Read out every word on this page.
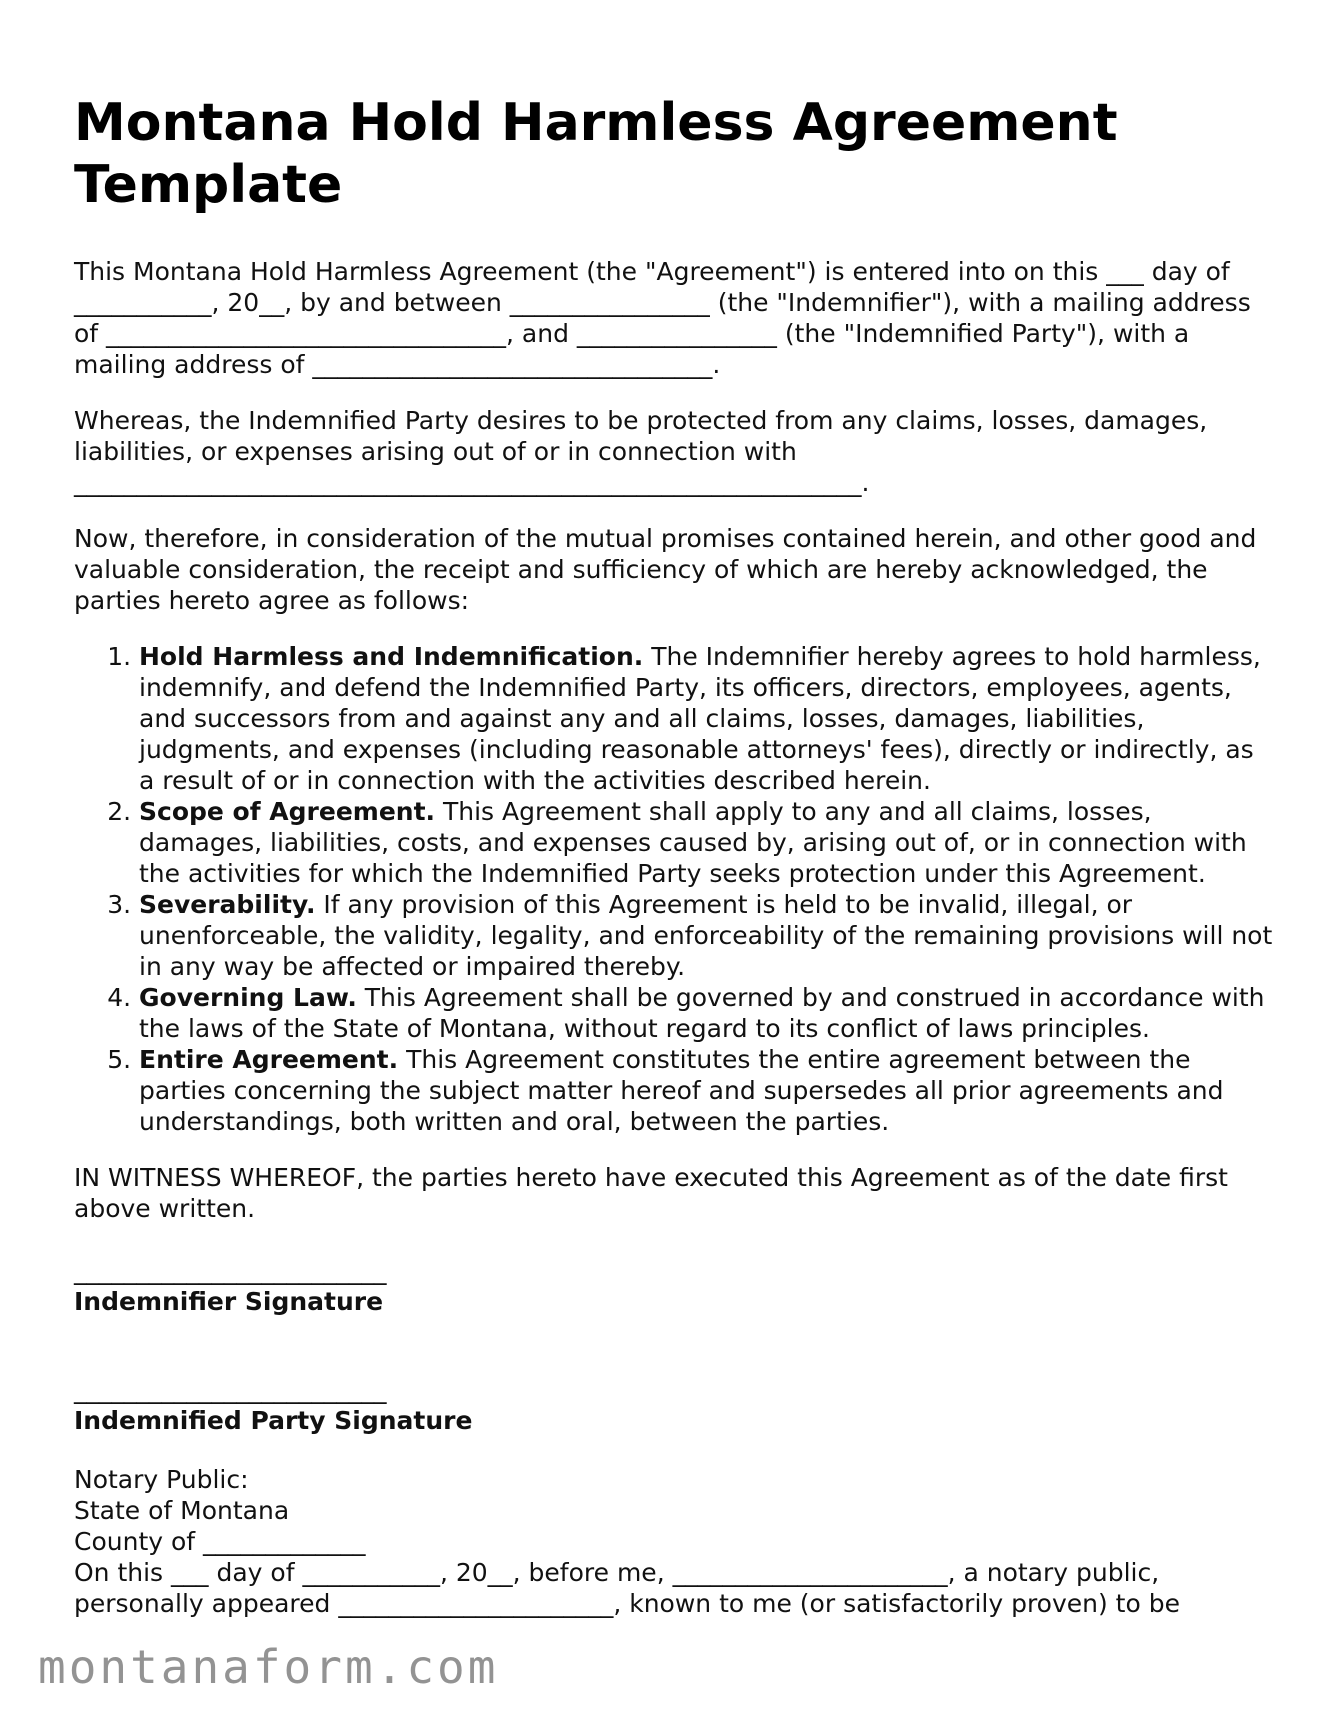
Montana Hold Harmless Agreement Template

This Montana Hold Harmless Agreement (the "Agreement") is entered into on this ___ day of ___________, 20__, by and between ________________ (the "Indemnifier"), with a mailing address of ________________________________, and ________________ (the "Indemnified Party"), with a mailing address of ________________________________.

Whereas, the Indemnified Party desires to be protected from any claims, losses, damages, liabilities, or expenses arising out of or in connection with _______________________________________________________________.

Now, therefore, in consideration of the mutual promises contained herein, and other good and valuable consideration, the receipt and sufficiency of which are hereby acknowledged, the parties hereto agree as follows:

1. Hold Harmless and Indemnification. The Indemnifier hereby agrees to hold harmless, indemnify, and defend the Indemnified Party, its officers, directors, employees, agents, and successors from and against any and all claims, losses, damages, liabilities, judgments, and expenses (including reasonable attorneys' fees), directly or indirectly, as a result of or in connection with the activities described herein.
2. Scope of Agreement. This Agreement shall apply to any and all claims, losses, damages, liabilities, costs, and expenses caused by, arising out of, or in connection with the activities for which the Indemnified Party seeks protection under this Agreement.
3. Severability. If any provision of this Agreement is held to be invalid, illegal, or unenforceable, the validity, legality, and enforceability of the remaining provisions will not in any way be affected or impaired thereby.
4. Governing Law. This Agreement shall be governed by and construed in accordance with the laws of the State of Montana, without regard to its conflict of laws principles.
5. Entire Agreement. This Agreement constitutes the entire agreement between the parties concerning the subject matter hereof and supersedes all prior agreements and understandings, both written and oral, between the parties.

IN WITNESS WHEREOF, the parties hereto have executed this Agreement as of the date first above written.

_________________________
Indemnifier Signature
_________________________
Indemnified Party Signature
Notary Public:
State of Montana
County of _____________
On this ___ day of ___________, 20__, before me, ______________________, a notary public, personally appeared ______________________, known to me (or satisfactorily proven) to be
montanaform.com
